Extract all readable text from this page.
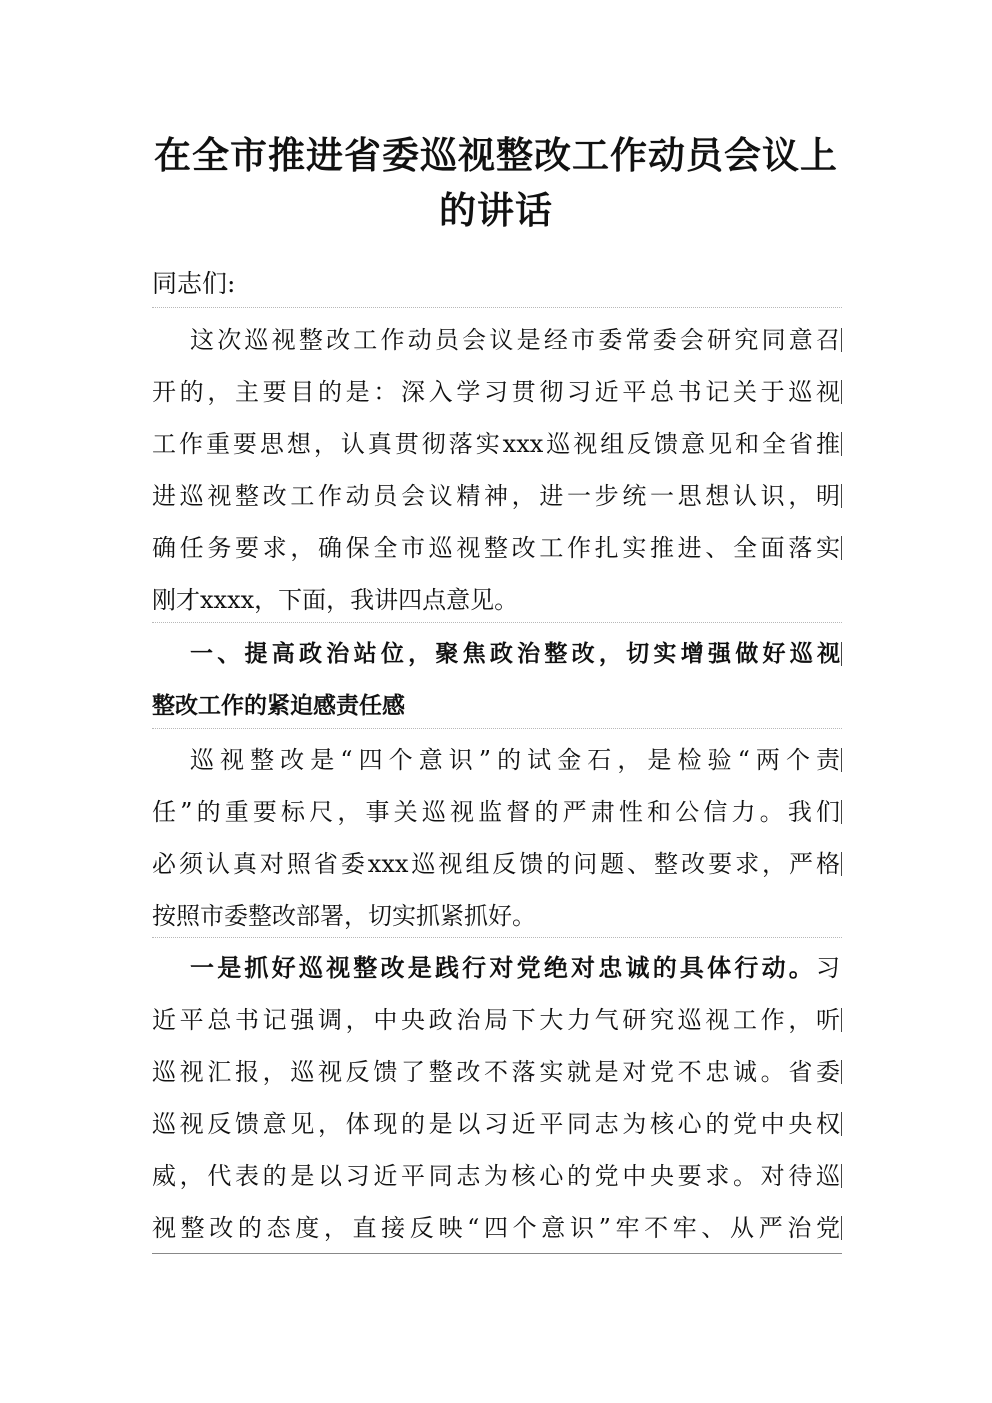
在全市推进省委巡视整改工作动员会议上
的讲话
同志们:
这次巡视整改工作动员会议是经市委常委会研究同意召
开的，主要目的是：深入学习贯彻习近平总书记关于巡视
工作重要思想，认真贯彻落实xxx巡视组反馈意见和全省推
进巡视整改工作动员会议精神，进一步统一思想认识，明
确任务要求，确保全市巡视整改工作扎实推进、全面落实
刚才xxxx，下面，我讲四点意见。
一、提高政治站位，聚焦政治整改，切实增强做好巡视
整改工作的紧迫感责任感
巡视整改是“四个意识”的试金石，是检验“两个责
任”的重要标尺，事关巡视监督的严肃性和公信力。我们
必须认真对照省委xxx巡视组反馈的问题、整改要求，严格
按照市委整改部署，切实抓紧抓好。
一是抓好巡视整改是践行对党绝对忠诚的具体行动。习
近平总书记强调，中央政治局下大力气研究巡视工作，听
巡视汇报，巡视反馈了整改不落实就是对党不忠诚。省委
巡视反馈意见，体现的是以习近平同志为核心的党中央权
威，代表的是以习近平同志为核心的党中央要求。对待巡
视整改的态度，直接反映“四个意识”牢不牢、从严治党
